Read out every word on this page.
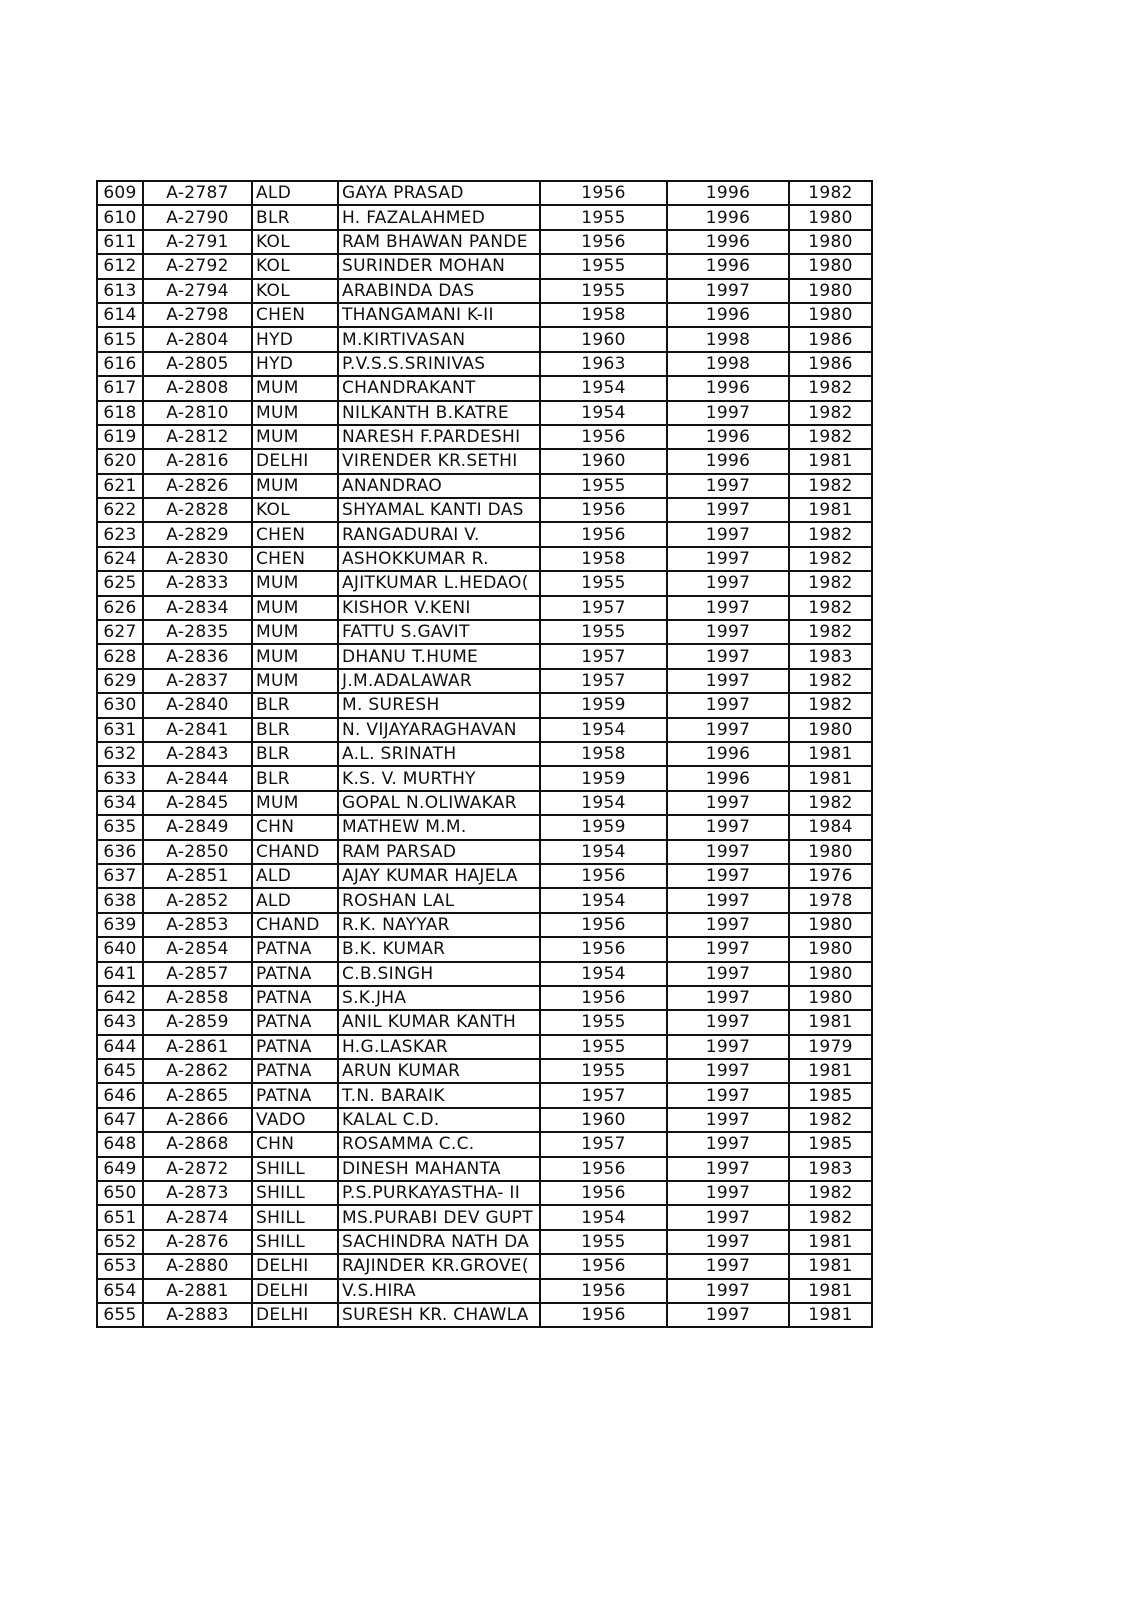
609	A-2787	ALD	GAYA PRASAD	1956	1996	1982
610	A-2790	BLR	H. FAZALAHMED	1955	1996	1980
611	A-2791	KOL	RAM BHAWAN PANDE	1956	1996	1980
612	A-2792	KOL	SURINDER MOHAN	1955	1996	1980
613	A-2794	KOL	ARABINDA DAS	1955	1997	1980
614	A-2798	CHEN	THANGAMANI K-II	1958	1996	1980
615	A-2804	HYD	M.KIRTIVASAN	1960	1998	1986
616	A-2805	HYD	P.V.S.S.SRINIVAS	1963	1998	1986
617	A-2808	MUM	CHANDRAKANT	1954	1996	1982
618	A-2810	MUM	NILKANTH B.KATRE	1954	1997	1982
619	A-2812	MUM	NARESH F.PARDESHI	1956	1996	1982
620	A-2816	DELHI	VIRENDER KR.SETHI	1960	1996	1981
621	A-2826	MUM	ANANDRAO	1955	1997	1982
622	A-2828	KOL	SHYAMAL KANTI DAS	1956	1997	1981
623	A-2829	CHEN	RANGADURAI V.	1956	1997	1982
624	A-2830	CHEN	ASHOKKUMAR R.	1958	1997	1982
625	A-2833	MUM	AJITKUMAR L.HEDAO(	1955	1997	1982
626	A-2834	MUM	KISHOR V.KENI	1957	1997	1982
627	A-2835	MUM	FATTU S.GAVIT	1955	1997	1982
628	A-2836	MUM	DHANU T.HUME	1957	1997	1983
629	A-2837	MUM	J.M.ADALAWAR	1957	1997	1982
630	A-2840	BLR	M. SURESH	1959	1997	1982
631	A-2841	BLR	N. VIJAYARAGHAVAN	1954	1997	1980
632	A-2843	BLR	A.L. SRINATH	1958	1996	1981
633	A-2844	BLR	K.S. V. MURTHY	1959	1996	1981
634	A-2845	MUM	GOPAL N.OLIWAKAR	1954	1997	1982
635	A-2849	CHN	MATHEW M.M.	1959	1997	1984
636	A-2850	CHAND	RAM PARSAD	1954	1997	1980
637	A-2851	ALD	AJAY KUMAR HAJELA	1956	1997	1976
638	A-2852	ALD	ROSHAN LAL	1954	1997	1978
639	A-2853	CHAND	R.K. NAYYAR	1956	1997	1980
640	A-2854	PATNA	B.K. KUMAR	1956	1997	1980
641	A-2857	PATNA	C.B.SINGH	1954	1997	1980
642	A-2858	PATNA	S.K.JHA	1956	1997	1980
643	A-2859	PATNA	ANIL KUMAR KANTH	1955	1997	1981
644	A-2861	PATNA	H.G.LASKAR	1955	1997	1979
645	A-2862	PATNA	ARUN KUMAR	1955	1997	1981
646	A-2865	PATNA	T.N. BARAIK	1957	1997	1985
647	A-2866	VADO	KALAL C.D.	1960	1997	1982
648	A-2868	CHN	ROSAMMA C.C.	1957	1997	1985
649	A-2872	SHILL	DINESH MAHANTA	1956	1997	1983
650	A-2873	SHILL	P.S.PURKAYASTHA- II	1956	1997	1982
651	A-2874	SHILL	MS.PURABI DEV GUPT	1954	1997	1982
652	A-2876	SHILL	SACHINDRA NATH DA	1955	1997	1981
653	A-2880	DELHI	RAJINDER KR.GROVE(	1956	1997	1981
654	A-2881	DELHI	V.S.HIRA	1956	1997	1981
655	A-2883	DELHI	SURESH KR. CHAWLA	1956	1997	1981
